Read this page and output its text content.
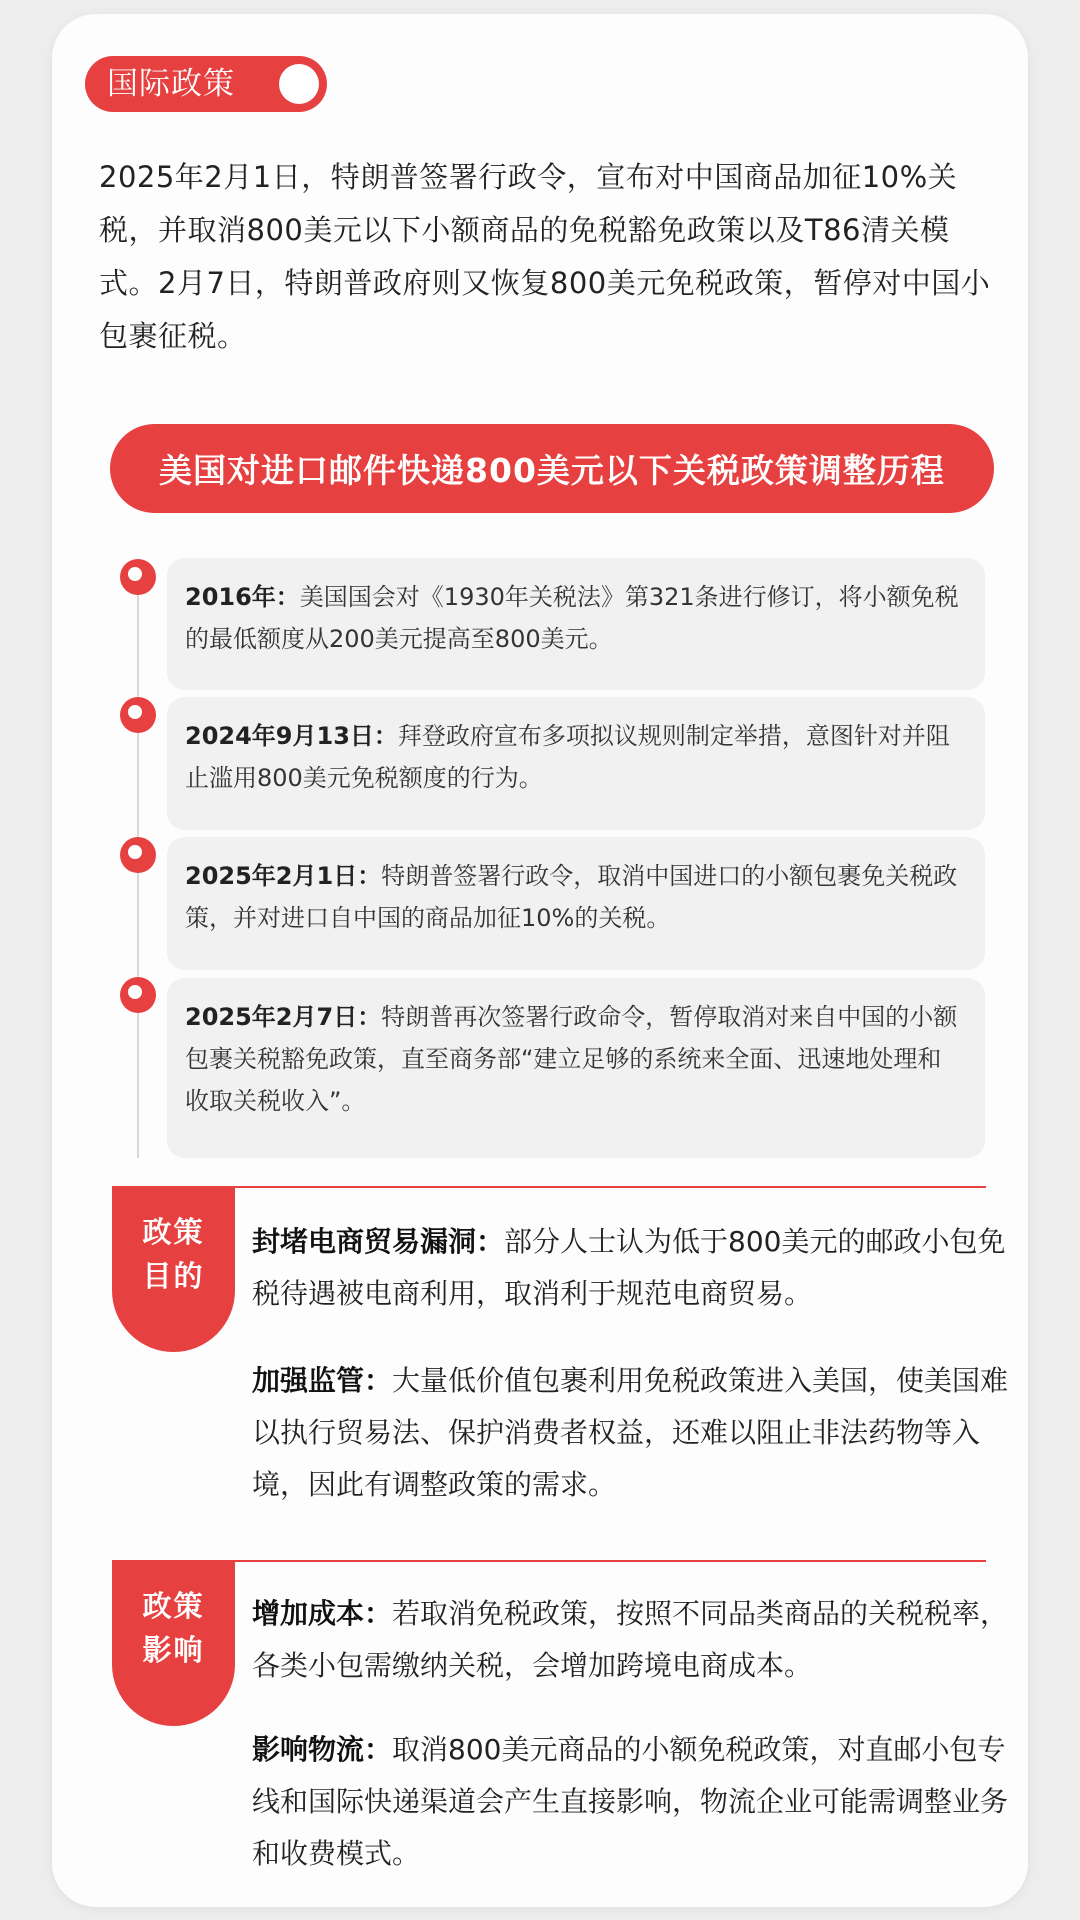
国际政策

2025年2月1日，特朗普签署行政令，宣布对中国商品加征10%关税，并取消800美元以下小额商品的免税豁免政策以及T86清关模式。2月7日，特朗普政府则又恢复800美元免税政策，暂停对中国小包裹征税。

美国对进口邮件快递800美元以下关税政策调整历程
2016年：美国国会对《1930年关税法》第321条进行修订，将小额免税的最低额度从200美元提高至800美元。
2024年9月13日：拜登政府宣布多项拟议规则制定举措，意图针对并阻止滥用800美元免税额度的行为。
2025年2月1日：特朗普签署行政令，取消中国进口的小额包裹免关税政策，并对进口自中国的商品加征10%的关税。
2025年2月7日：特朗普再次签署行政命令，暂停取消对来自中国的小额包裹关税豁免政策，直至商务部“建立足够的系统来全面、迅速地处理和收取关税收入”。
政策目的

封堵电商贸易漏洞：部分人士认为低于800美元的邮政小包免税待遇被电商利用，取消利于规范电商贸易。

加强监管：大量低价值包裹利用免税政策进入美国，使美国难以执行贸易法、保护消费者权益，还难以阻止非法药物等入境，因此有调整政策的需求。

政策影响

增加成本：若取消免税政策，按照不同品类商品的关税税率，各类小包需缴纳关税，会增加跨境电商成本。

影响物流：取消800美元商品的小额免税政策，对直邮小包专线和国际快递渠道会产生直接影响，物流企业可能需调整业务和收费模式。
